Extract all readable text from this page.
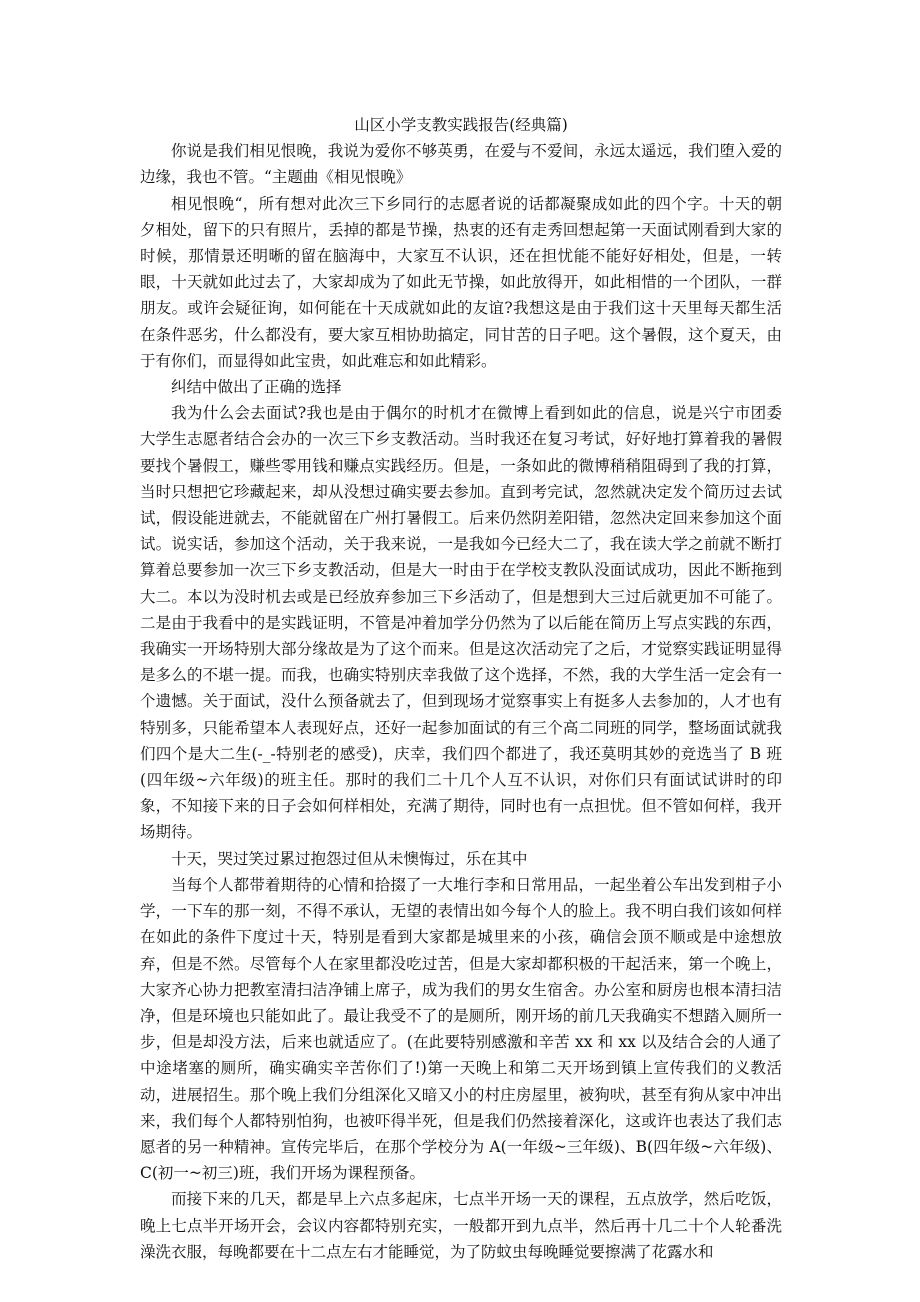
山区小学支教实践报告(经典篇)

你说是我们相见恨晚，我说为爱你不够英勇，在爱与不爱间，永远太遥远，我们堕入爱的边缘，我也不管。“主题曲《相见恨晚》

相见恨晚“，所有想对此次三下乡同行的志愿者说的话都凝聚成如此的四个字。十天的朝夕相处，留下的只有照片，丢掉的都是节操，热衷的还有走秀回想起第一天面试刚看到大家的时候，那情景还明晰的留在脑海中，大家互不认识，还在担忧能不能好好相处，但是，一转眼，十天就如此过去了，大家却成为了如此无节操，如此放得开，如此相惜的一个团队，一群朋友。或许会疑征询，如何能在十天成就如此的友谊?我想这是由于我们这十天里每天都生活在条件恶劣，什么都没有，要大家互相协助搞定，同甘苦的日子吧。这个暑假，这个夏天，由于有你们，而显得如此宝贵，如此难忘和如此精彩。

纠结中做出了正确的选择

我为什么会去面试?我也是由于偶尔的时机才在微博上看到如此的信息，说是兴宁市团委大学生志愿者结合会办的一次三下乡支教活动。当时我还在复习考试，好好地打算着我的暑假要找个暑假工，赚些零用钱和赚点实践经历。但是，一条如此的微博稍稍阻碍到了我的打算，当时只想把它珍藏起来，却从没想过确实要去参加。直到考完试，忽然就决定发个简历过去试试，假设能进就去，不能就留在广州打暑假工。后来仍然阴差阳错，忽然决定回来参加这个面试。说实话，参加这个活动，关于我来说，一是我如今已经大二了，我在读大学之前就不断打算着总要参加一次三下乡支教活动，但是大一时由于在学校支教队没面试成功，因此不断拖到大二。本以为没时机去或是已经放弃参加三下乡活动了，但是想到大三过后就更加不可能了。二是由于我看中的是实践证明，不管是冲着加学分仍然为了以后能在简历上写点实践的东西，我确实一开场特别大部分缘故是为了这个而来。但是这次活动完了之后，才觉察实践证明显得是多么的不堪一提。而我，也确实特别庆幸我做了这个选择，不然，我的大学生活一定会有一个遗憾。关于面试，没什么预备就去了，但到现场才觉察事实上有挺多人去参加的，人才也有特别多，只能希望本人表现好点，还好一起参加面试的有三个高二同班的同学，整场面试就我们四个是大二生(-_-特别老的感受)，庆幸，我们四个都进了，我还莫明其妙的竞选当了 B 班(四年级~六年级)的班主任。那时的我们二十几个人互不认识，对你们只有面试试讲时的印象，不知接下来的日子会如何样相处，充满了期待，同时也有一点担忧。但不管如何样，我开场期待。

十天，哭过笑过累过抱怨过但从未懊悔过，乐在其中

当每个人都带着期待的心情和拾掇了一大堆行李和日常用品，一起坐着公车出发到柑子小学，一下车的那一刻，不得不承认，无望的表情出如今每个人的脸上。我不明白我们该如何样在如此的条件下度过十天，特别是看到大家都是城里来的小孩，确信会顶不顺或是中途想放弃，但是不然。尽管每个人在家里都没吃过苦，但是大家却都积极的干起活来，第一个晚上，大家齐心协力把教室清扫洁净铺上席子，成为我们的男女生宿舍。办公室和厨房也根本清扫洁净，但是环境也只能如此了。最让我受不了的是厕所，刚开场的前几天我确实不想踏入厕所一步，但是却没方法，后来也就适应了。(在此要特别感激和辛苦 xx 和 xx 以及结合会的人通了中途堵塞的厕所，确实确实辛苦你们了!)第一天晚上和第二天开场到镇上宣传我们的义教活动，进展招生。那个晚上我们分组深化又暗又小的村庄房屋里，被狗吠，甚至有狗从家中冲出来，我们每个人都特别怕狗，也被吓得半死，但是我们仍然接着深化，这或许也表达了我们志愿者的另一种精神。宣传完毕后，在那个学校分为 A(一年级~三年级)、B(四年级~六年级)、C(初一~初三)班，我们开场为课程预备。

而接下来的几天，都是早上六点多起床，七点半开场一天的课程，五点放学，然后吃饭，晚上七点半开场开会，会议内容都特别充实，一般都开到九点半，然后再十几二十个人轮番洗澡洗衣服，每晚都要在十二点左右才能睡觉，为了防蚊虫每晚睡觉要擦满了花露水和
